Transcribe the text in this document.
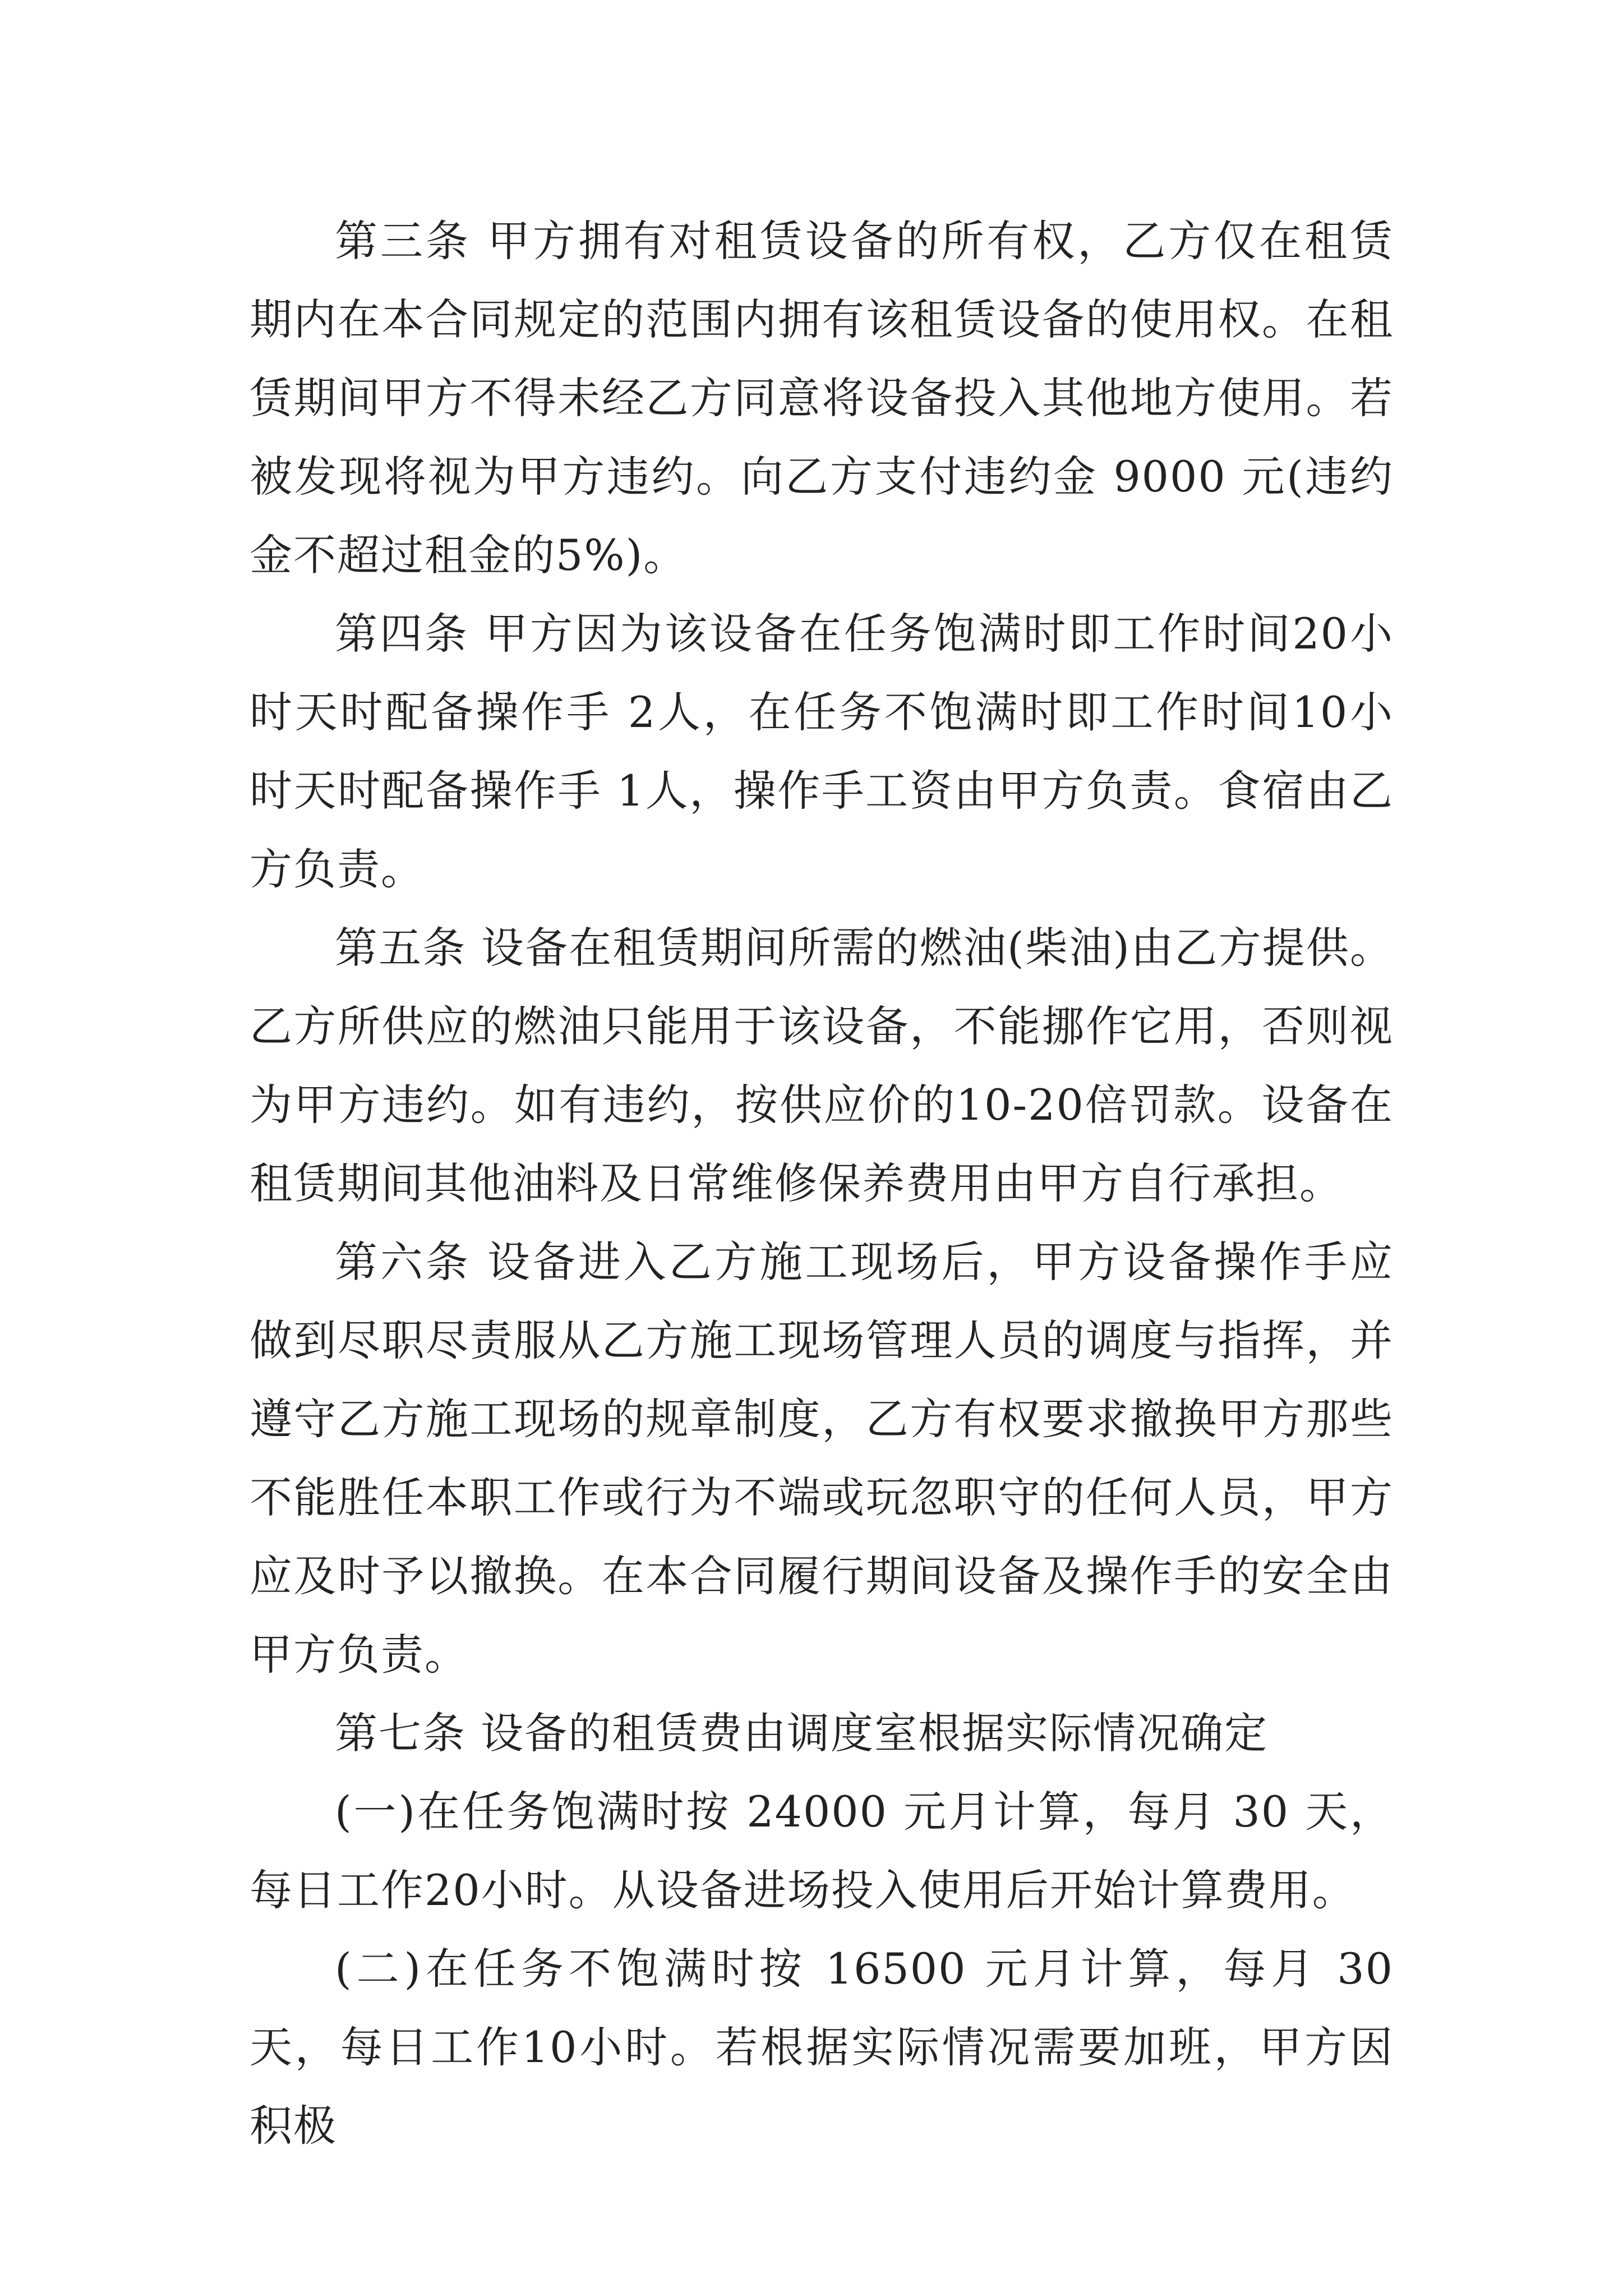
第三条 甲方拥有对租赁设备的所有权，乙方仅在租赁期内在本合同规定的范围内拥有该租赁设备的使用权。在租赁期间甲方不得未经乙方同意将设备投入其他地方使用。若被发现将视为甲方违约。向乙方支付违约金 9000 元(违约金不超过租金的5%)。

第四条 甲方因为该设备在任务饱满时即工作时间20小时天时配备操作手 2人，在任务不饱满时即工作时间10小时天时配备操作手 1人，操作手工资由甲方负责。食宿由乙方负责。

第五条 设备在租赁期间所需的燃油(柴油)由乙方提供。乙方所供应的燃油只能用于该设备，不能挪作它用，否则视为甲方违约。如有违约，按供应价的10-20倍罚款。设备在租赁期间其他油料及日常维修保养费用由甲方自行承担。

第六条 设备进入乙方施工现场后，甲方设备操作手应做到尽职尽责服从乙方施工现场管理人员的调度与指挥，并遵守乙方施工现场的规章制度，乙方有权要求撤换甲方那些不能胜任本职工作或行为不端或玩忽职守的任何人员，甲方应及时予以撤换。在本合同履行期间设备及操作手的安全由甲方负责。

第七条 设备的租赁费由调度室根据实际情况确定

(一)在任务饱满时按 24000 元月计算，每月 30 天，每日工作20小时。从设备进场投入使用后开始计算费用。

(二)在任务不饱满时按 16500 元月计算，每月 30 天，每日工作10小时。若根据实际情况需要加班，甲方因积极
